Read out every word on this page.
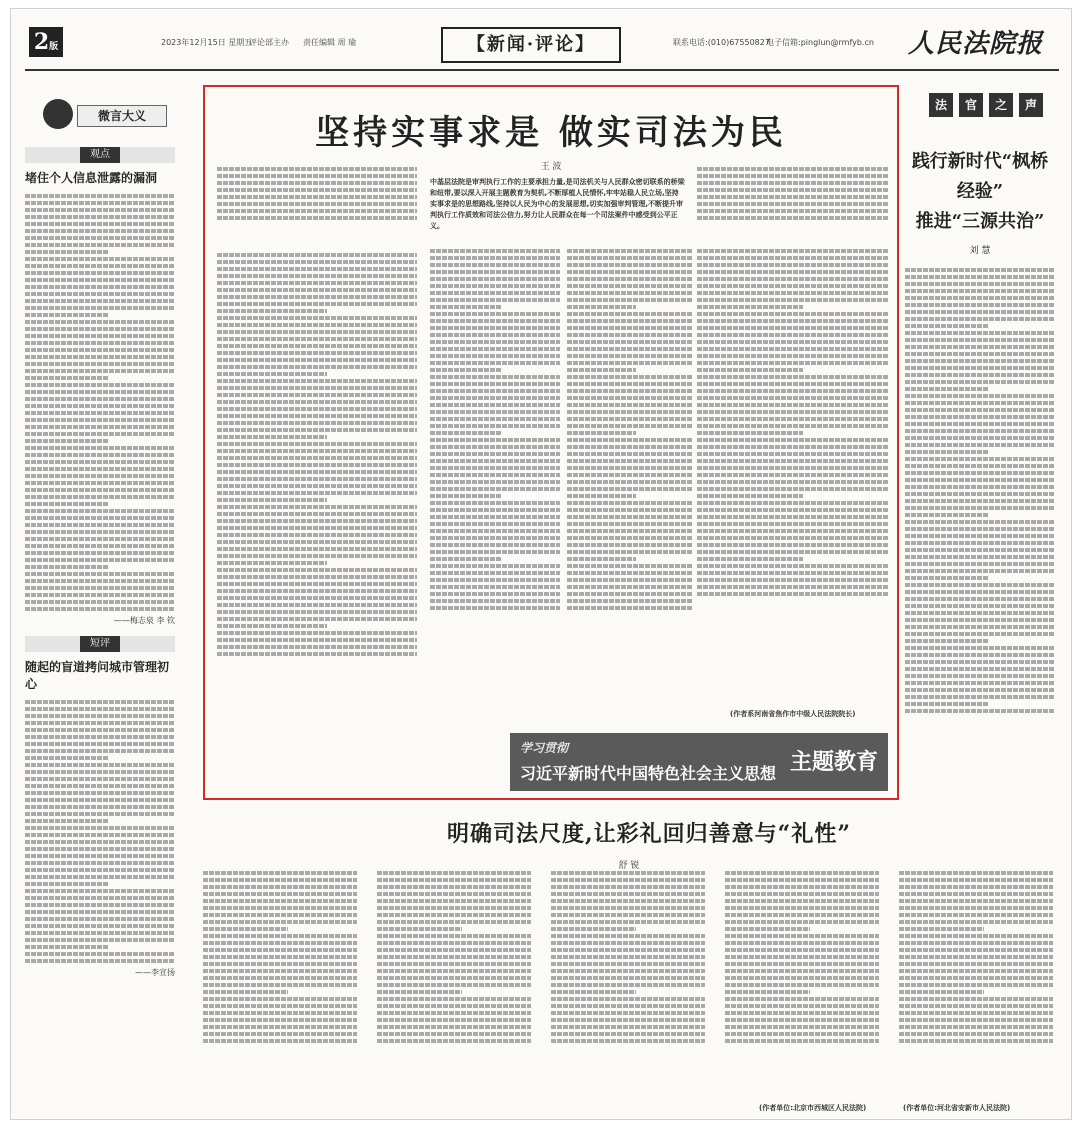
2版	2023年12月15日 星期五
评论部主办 责任编辑 周 瑜	【新闻·评论】	联系电话:(010)67550827
电子信箱:pinglun@rmfyb.cn 人民法院报
微言大义
观点
堵住个人信息泄露的漏洞

——梅志泉 李 钦
短评
随起的盲道拷问城市管理初心

——李宣扬
坚持实事求是 做实司法为民
王 波
中基层法院是审判执行工作的主要承担力量,是司法机关与人民群众密切联系的桥梁和纽带,要以深入开展主题教育为契机,不断厚植人民情怀,牢牢站稳人民立场,坚持实事求是的思想路线,坚持以人民为中心的发展思想,切实加强审判管理,不断提升审判执行工作质效和司法公信力,努力让人民群众在每一个司法案件中感受到公平正义。

(作者系河南省焦作市中级人民法院院长)
学习贯彻
习近平新时代中国特色社会主义思想 主题教育
法	官	之	声
践行新时代“枫桥经验”
推进“三源共治”
刘 慧

明确司法尺度,让彩礼回归善意与“礼性”
舒 锐

(作者单位:北京市西城区人民法院)	(作者单位:河北省安新市人民法院)
